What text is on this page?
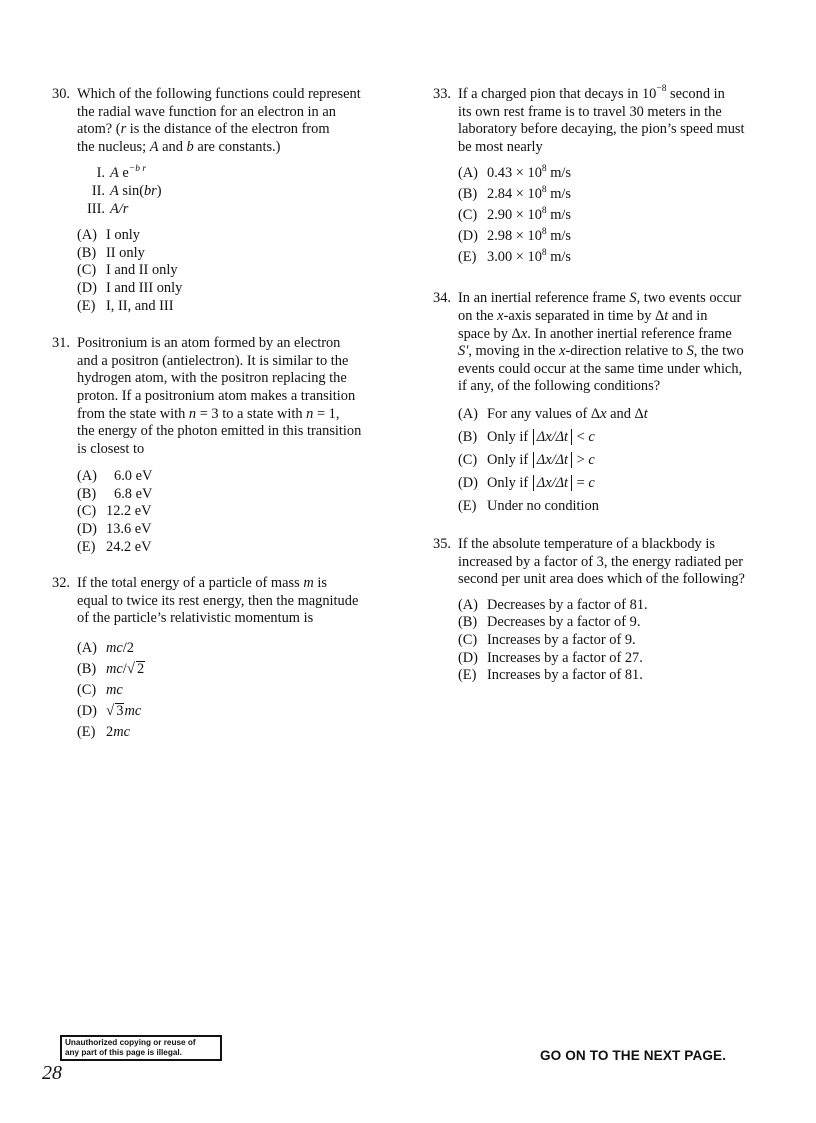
30. Which of the following functions could represent

the radial wave function for an electron in an

atom? (r is the distance of the electron from

the nucleus; A and b are constants.)

I. A $e^{-b r}$
II. A sin(br)
III. A/r
(A) I only
(B) II only
(C) I and II only
(D) I and III only
(E) I, II, and III
31. Positronium is an atom formed by an electron

and a positron (antielectron). It is similar to the

hydrogen atom, with the positron replacing the

proton. If a positronium atom makes a transition

from the state with n = 3 to a state with n = 1,

the energy of the photon emitted in this transition

is closest to

(A)	6.0 eV
(B)	6.8 eV
(C) 12.2 eV
(D) 13.6 eV
(E) 24.2 eV
32. If the total energy of a particle of mass m is

equal to twice its rest energy, then the magnitude

of the particle’s relativistic momentum is

(A) mc/2
(B) mc/√ 2
(C) mc
(D) √ 3mc
(E) 2mc
33. If a charged pion that decays in $10^{-8}$ second in

its own rest frame is to travel 30 meters in the

laboratory before decaying, the pion’s speed must

be most nearly

(A) $0.43 \times 10^8$ m/s
(B) $2.84 \times 10^8$ m/s
(C) $2.90 \times 10^8$ m/s
(D) $2.98 \times 10^8$ m/s
(E) $3.00 \times 10^8$ m/s
34. In an inertial reference frame S, two events occur

on the x-axis separated in time by Δt and in

space by Δx. In another inertial reference frame

S′, moving in the x-direction relative to S, the two

events could occur at the same time under which,

if any, of the following conditions?

(A) For any values of Δx and Δt
(B) Only if Δx/Δt < c
(C) Only if Δx/Δt > c
(D) Only if Δx/Δt = c
(E) Under no condition
35. If the absolute temperature of a blackbody is

increased by a factor of 3, the energy radiated per

second per unit area does which of the following?

(A) Decreases by a factor of 81.
(B) Decreases by a factor of 9.
(C) Increases by a factor of 9.
(D) Increases by a factor of 27.
(E) Increases by a factor of 81.
Unauthorized copying or reuse of
any part of this page is illegal.
28
GO ON TO THE NEXT PAGE.
